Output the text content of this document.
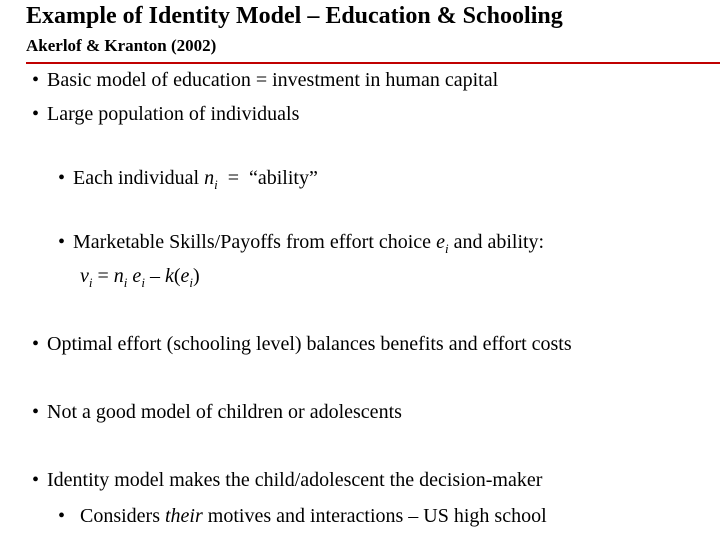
Example of Identity Model – Education & Schooling
Akerlof & Kranton (2002)
• Basic model of education = investment in human capital
• Large population of individuals
• Each individual $n_i$  =  “ability”
• Marketable Skills/Payoffs from effort choice $e_i$ and ability:
$v_i = n_i$ $e_i - k(e_i)$
• Optimal effort (schooling level) balances benefits and effort costs
• Not a good model of children or adolescents
• Identity model makes the child/adolescent the decision-maker
• Considers their motives and interactions – US high school
